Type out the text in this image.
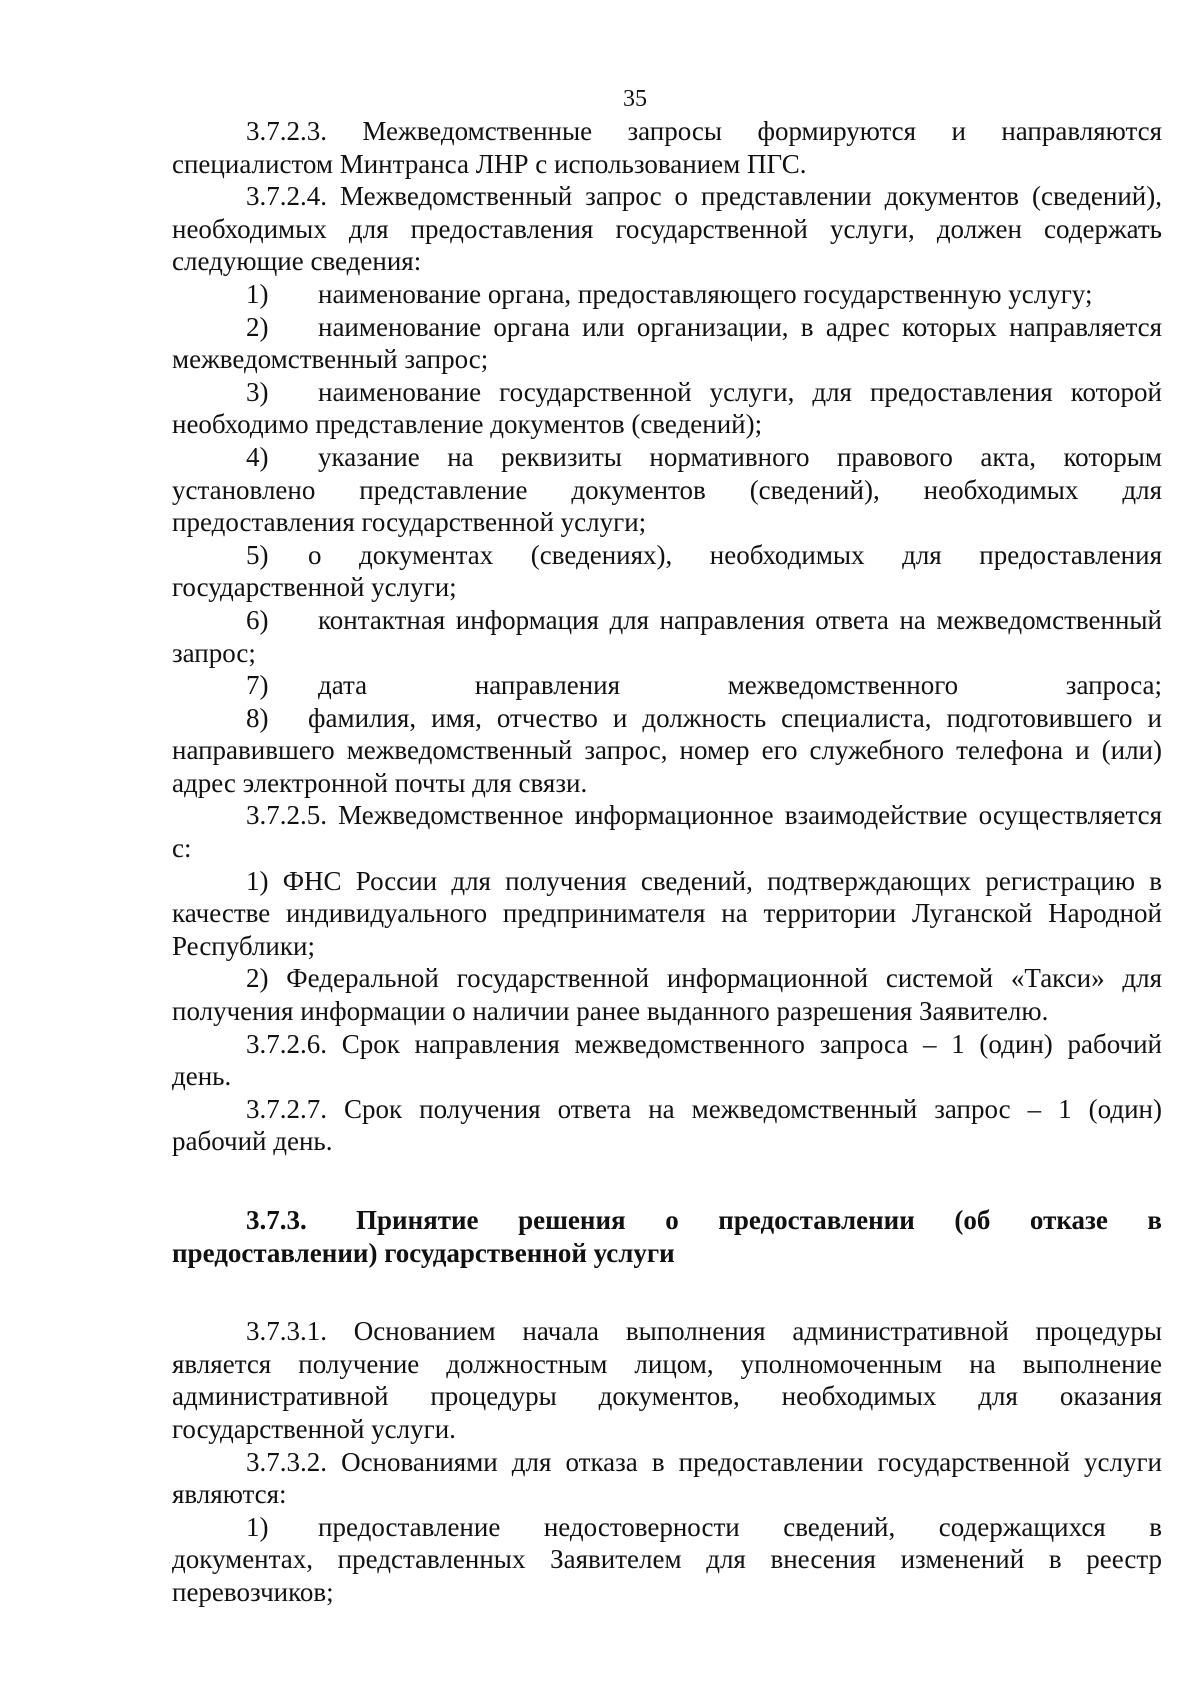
35

3.7.2.3. Межведомственные запросы формируются и направляются специалистом Минтранса ЛНР с использованием ПГС.

3.7.2.4. Межведомственный запрос о представлении документов (сведений), необходимых для предоставления государственной услуги, должен содержать следующие сведения:

1) наименование органа, предоставляющего государственную услугу;

2) наименование органа или организации, в адрес которых направляется межведомственный запрос;

3) наименование государственной услуги, для предоставления которой необходимо представление документов (сведений);

4) указание на реквизиты нормативного правового акта, которым установлено представление документов (сведений), необходимых для предоставления государственной услуги;

5) о документах (сведениях), необходимых для предоставления государственной услуги;

6) контактная информация для направления ответа на межведомственный запрос;

7) дата направления межведомственного запроса;

8) фамилия, имя, отчество и должность специалиста, подготовившего и направившего межведомственный запрос, номер его служебного телефона и (или) адрес электронной почты для связи.

3.7.2.5. Межведомственное информационное взаимодействие осуществляется с:

1) ФНС России для получения сведений, подтверждающих регистрацию в качестве индивидуального предпринимателя на территории Луганской Народной Республики;

2) Федеральной государственной информационной системой «Такси» для получения информации о наличии ранее выданного разрешения Заявителю.

3.7.2.6. Срок направления межведомственного запроса – 1 (один) рабочий день.

3.7.2.7. Срок получения ответа на межведомственный запрос – 1 (один) рабочий день.

3.7.3. Принятие решения о предоставлении (об отказе в предоставлении) государственной услуги

3.7.3.1. Основанием начала выполнения административной процедуры является получение должностным лицом, уполномоченным на выполнение административной процедуры документов, необходимых для оказания государственной услуги.

3.7.3.2. Основаниями для отказа в предоставлении государственной услуги являются:

1) предоставление недостоверности сведений, содержащихся в документах, представленных Заявителем для внесения изменений в реестр перевозчиков;
